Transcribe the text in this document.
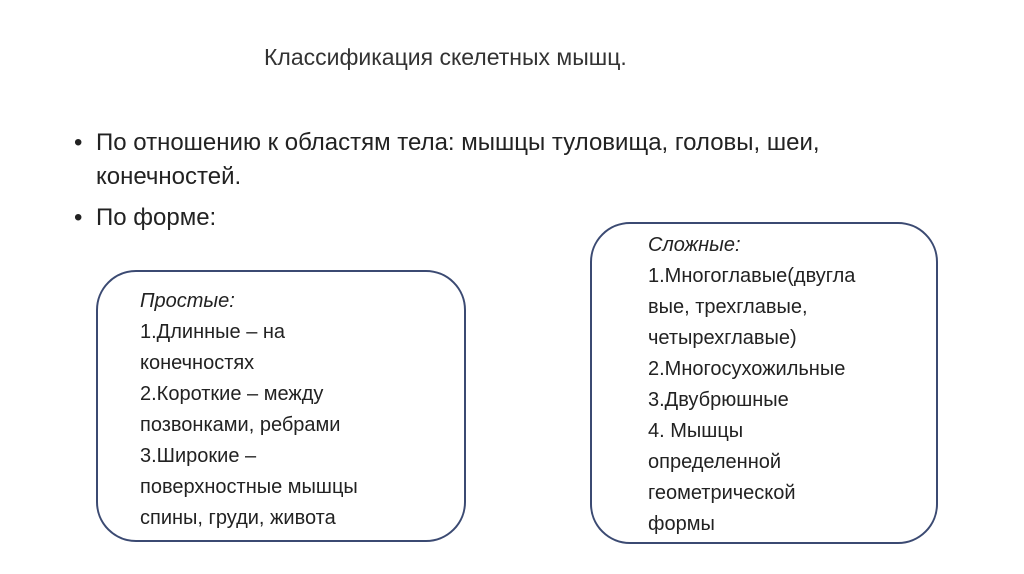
Классификация скелетных мышц.
• По отношению к областям тела: мышцы туловища, головы, шеи, конечностей.
• По форме:
Простые:
1.Длинные – на
конечностях
2.Короткие – между
позвонками, ребрами
3.Широкие –
поверхностные мышцы
спины, груди, живота
Сложные:
1.Многоглавые(двугла
вые, трехглавые,
четырехглавые)
2.Многосухожильные
3.Двубрюшные
4. Мышцы
определенной
геометрической
формы
